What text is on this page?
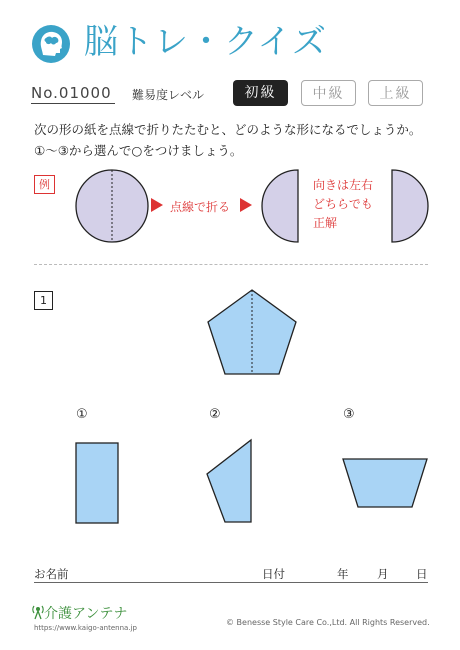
脳トレ・クイズ
No.01000 難易度レベル	初級	中級	上級
次の形の紙を点線で折りたたむと、どのような形になるでしょうか。
①～③から選んで○をつけましょう。
例
点線で折る
向きは左右
どちらでも
正解
1
①	②	③
お名前	日付	年 月 日
介護アンテナ
https://www.kaigo-antenna.jp
© Benesse Style Care Co.,Ltd. All Rights Reserved.
